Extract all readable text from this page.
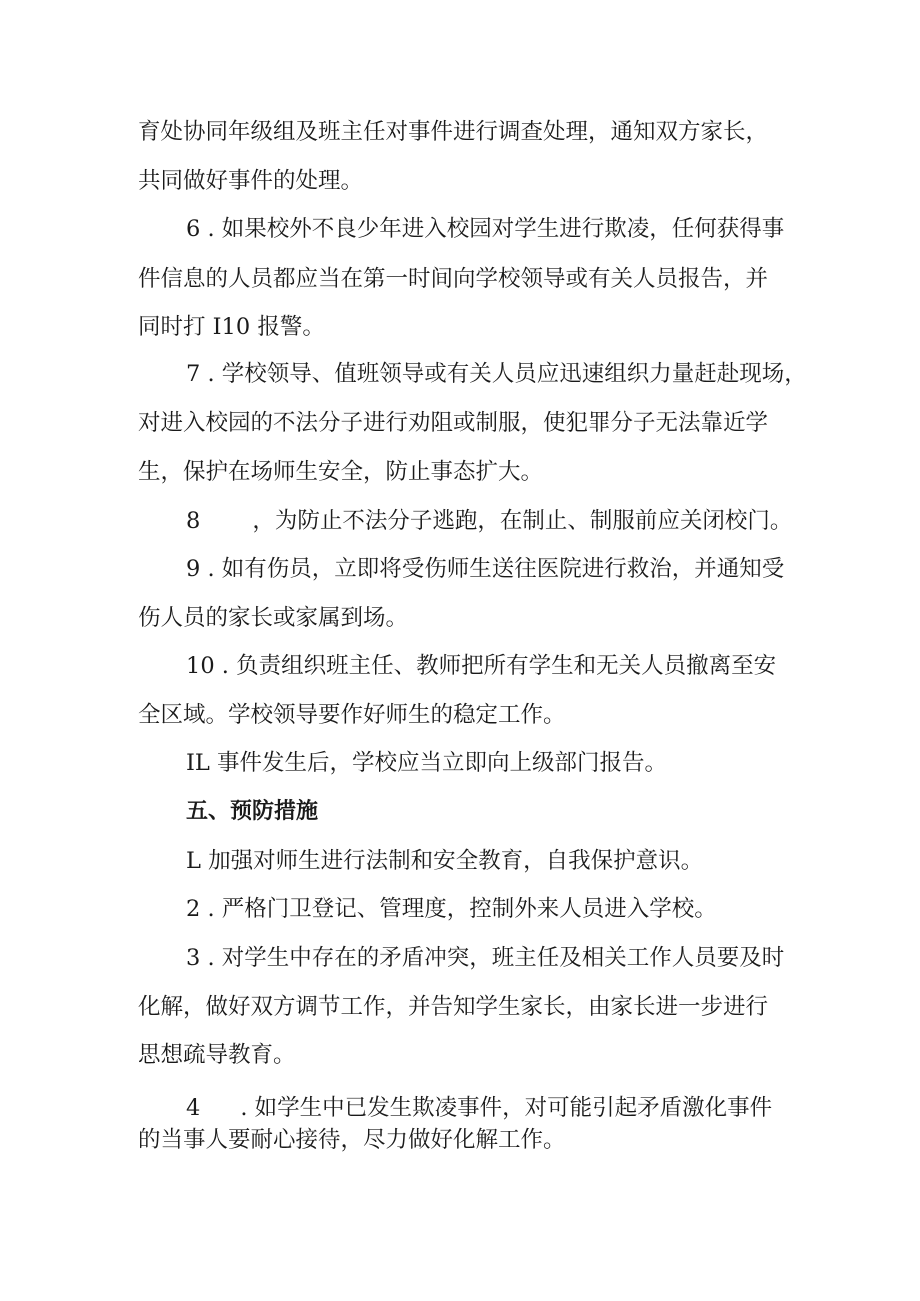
育处协同年级组及班主任对事件进行调查处理，通知双方家长，
共同做好事件的处理。
6 . 如果校外不良少年进入校园对学生进行欺凌，任何获得事
件信息的人员都应当在第一时间向学校领导或有关人员报告，并
同时打 I10 报警。
7 . 学校领导、值班领导或有关人员应迅速组织力量赶赴现场，
对进入校园的不法分子进行劝阻或制服，使犯罪分子无法靠近学
生，保护在场师生安全，防止事态扩大。
8 ，为防止不法分子逃跑，在制止、制服前应关闭校门。
9 . 如有伤员，立即将受伤师生送往医院进行救治，并通知受
伤人员的家长或家属到场。
10 . 负责组织班主任、教师把所有学生和无关人员撤离至安
全区域。学校领导要作好师生的稳定工作。
IL 事件发生后，学校应当立即向上级部门报告。
五、预防措施
L 加强对师生进行法制和安全教育，自我保护意识。
2 . 严格门卫登记、管理度，控制外来人员进入学校。
3 . 对学生中存在的矛盾冲突，班主任及相关工作人员要及时
化解，做好双方调节工作，并告知学生家长，由家长进一步进行
思想疏导教育。
4 . 如学生中已发生欺凌事件，对可能引起矛盾激化事件
的当事人要耐心接待，尽力做好化解工作。
